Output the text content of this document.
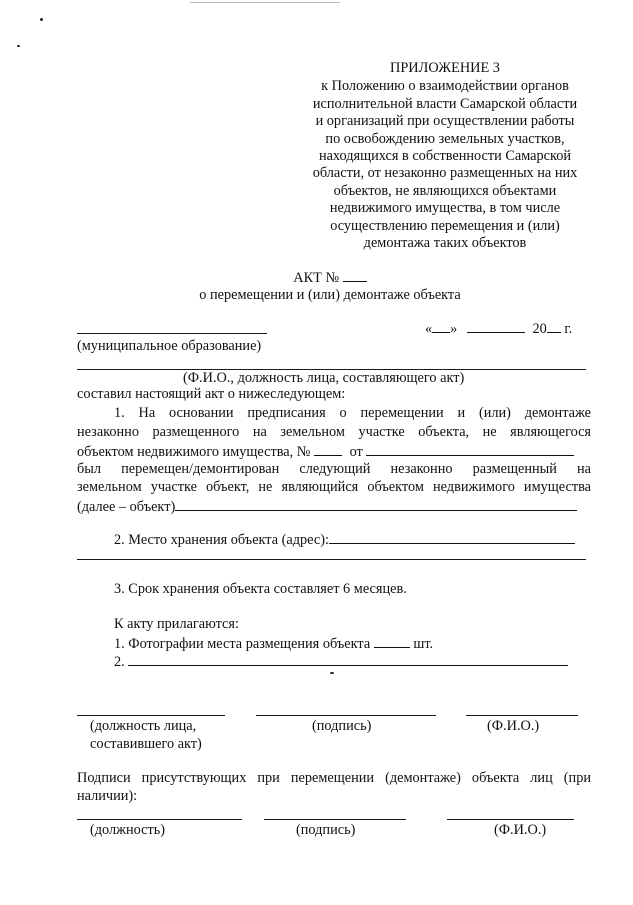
ПРИЛОЖЕНИЕ 3
к Положению о взаимодействии органов
исполнительной власти Самарской области
и организаций при осуществлении работы
по освобождению земельных участков,
находящихся в собственности Самарской
области, от незаконно размещенных на них
объектов, не являющихся объектами
недвижимого имущества, в том числе
осуществлению перемещения и (или)
демонтажа таких объектов
АКТ №
о перемещении и (или) демонтаже объекта
« »	20 г.
(муниципальное образование)
(Ф.И.О., должность лица, составляющего акт)
составил настоящий акт о нижеследующем:
1. На основании предписания о перемещении и (или) демонтаже
незаконно размещенного на земельном участке объекта, не являющегося
объектом недвижимого имущества, №	от
был перемещен/демонтирован следующий незаконно размещенный на
земельном участке объект, не являющийся объектом недвижимого имущества
(далее – объект)
2. Место хранения объекта (адрес):
3. Срок хранения объекта составляет 6 месяцев.
К акту прилагаются:
1. Фотографии места размещения объекта	шт.
2.
(должность лица,
составившего акт)
(подпись)	(Ф.И.О.)
Подписи присутствующих при перемещении (демонтаже) объекта лиц (при
наличии):
(должность)	(подпись)	(Ф.И.О.)
